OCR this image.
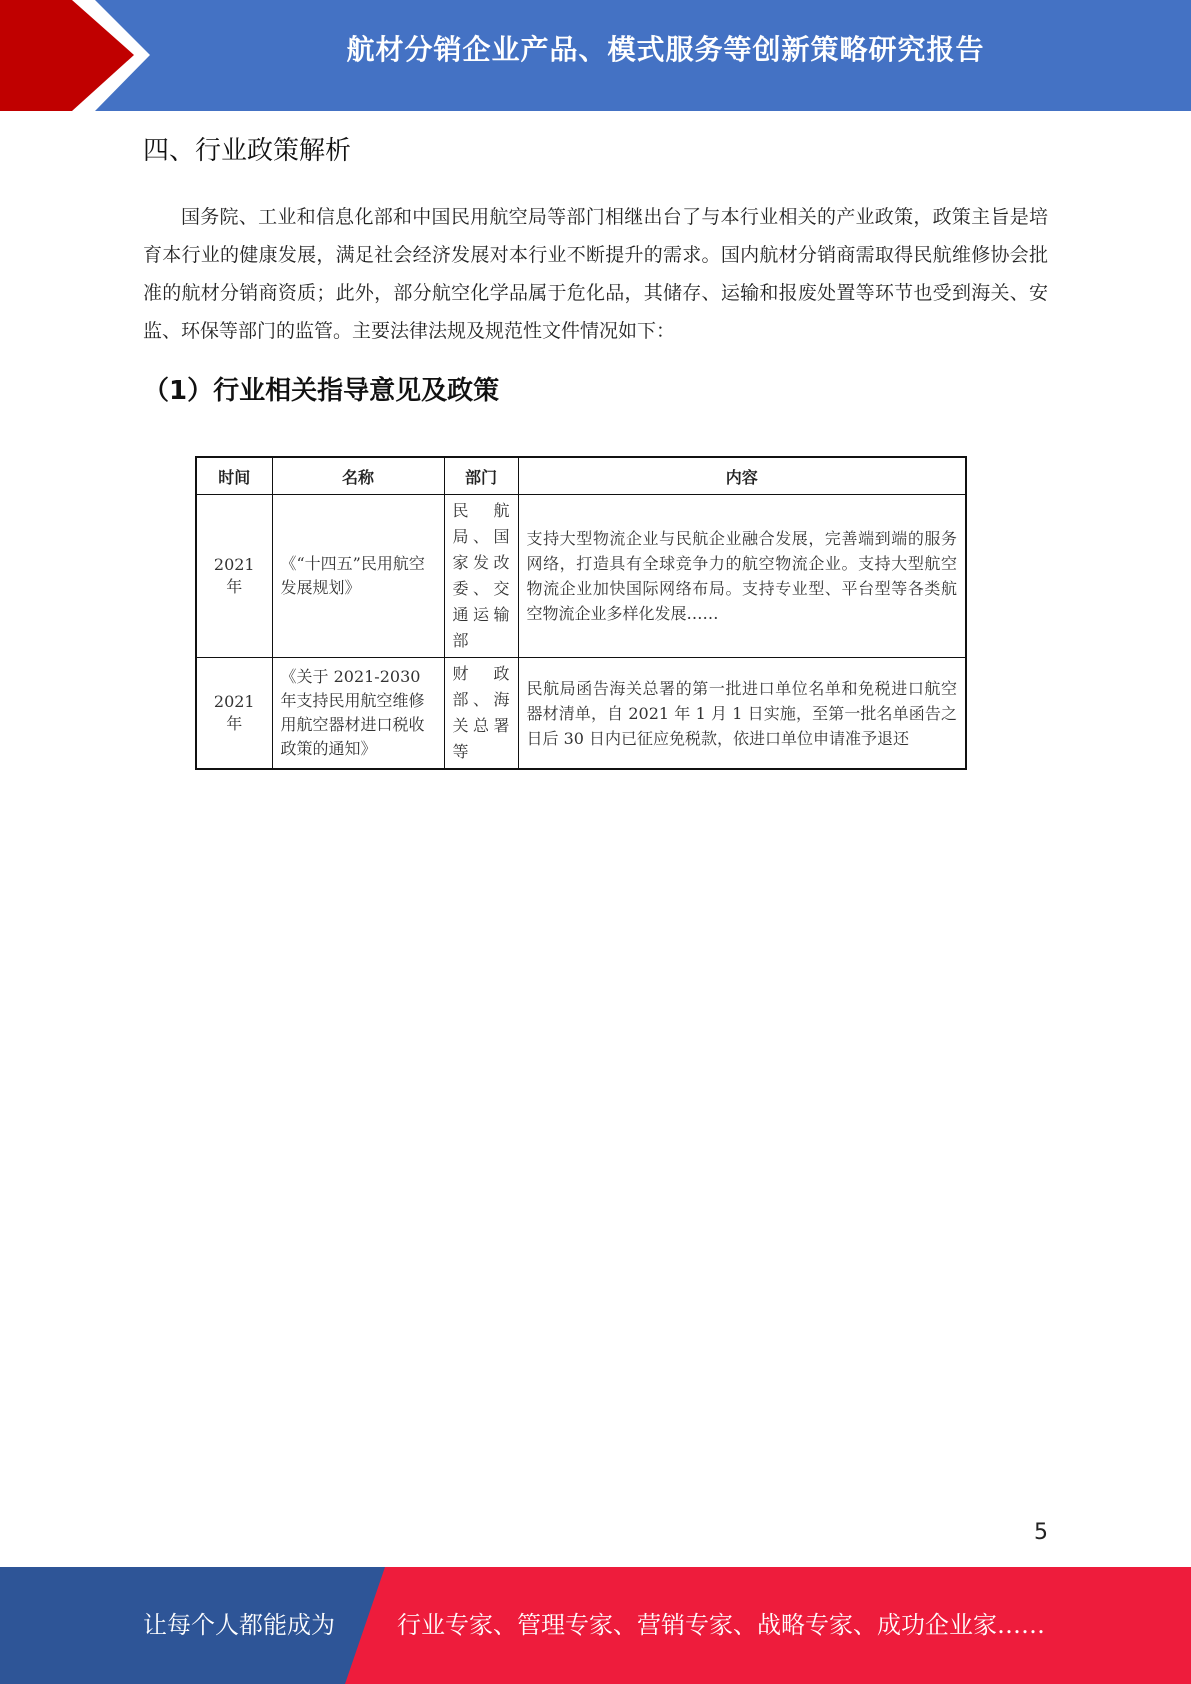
航材分销企业产品、模式服务等创新策略研究报告
四、行业政策解析

国务院、工业和信息化部和中国民用航空局等部门相继出台了与本行业相关的产业政策，政策主旨是培育本行业的健康发展，满足社会经济发展对本行业不断提升的需求。国内航材分销商需取得民航维修协会批准的航材分销商资质；此外，部分航空化学品属于危化品，其储存、运输和报废处置等环节也受到海关、安监、环保等部门的监管。主要法律法规及规范性文件情况如下：

（1）行业相关指导意见及政策
时间	名称	部门	内容
2021 年	《“十四五”民用航空发展规划》	民航局、国家发改委、交通运输部	支持大型物流企业与民航企业融合发展，完善端到端的服务网络，打造具有全球竞争力的航空物流企业。支持大型航空物流企业加快国际网络布局。支持专业型、平台型等各类航空物流企业多样化发展……
2021 年	《关于 2021-2030 年支持民用航空维修用航空器材进口税收政策的通知》	财政部、海关总署等	民航局函告海关总署的第一批进口单位名单和免税进口航空器材清单，自 2021 年 1 月 1 日实施，至第一批名单函告之日后 30 日内已征应免税款，依进口单位申请准予退还
5
让每个人都能成为	行业专家、管理专家、营销专家、战略专家、成功企业家……
